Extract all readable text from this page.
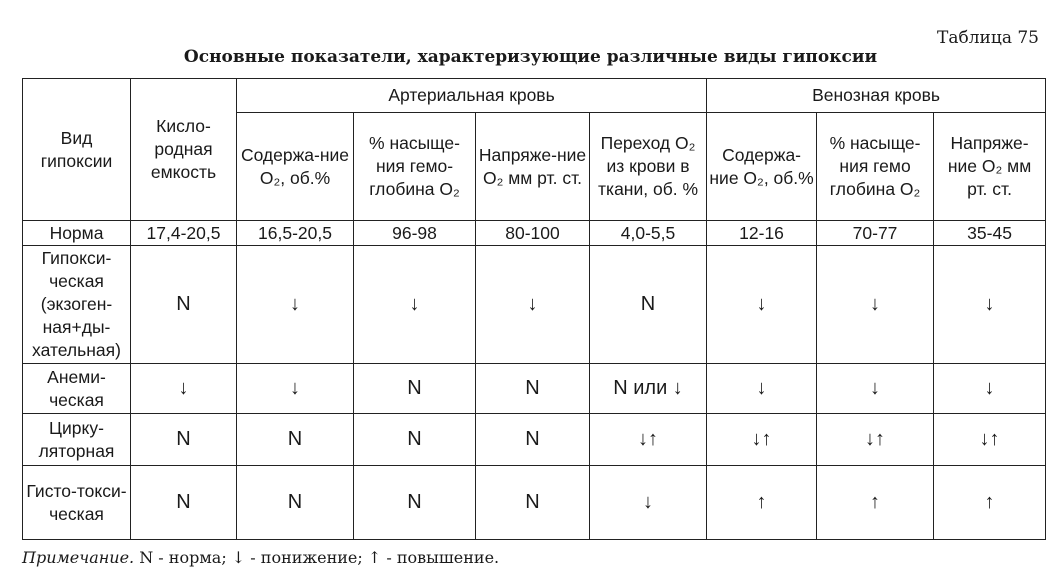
Таблица 75
Основные показатели, характеризующие различные виды гипоксии
Вид гипоксии	Кисло-родная емкость	Артериальная кровь				Венозная кровь		
		Содержа-ние O₂, об.%	% насыще-ния гемо-глобина O₂	Напряже-ние O₂ мм рт. ст.	Переход O₂ из крови в ткани, об. %	Содержа-ние O₂, об.%	% насыще-ния гемо глобина O₂	Напряже-ние O₂ мм рт. ст.
Норма	17,4-20,5	16,5-20,5	96-98	80-100	4,0-5,5	12-16	70-77	35-45
Гипокси-ческая (экзоген-ная+ды-хательная)	N	↓	↓	↓	N	↓	↓	↓
Анеми-ческая	↓	↓	N	N	N или ↓	↓	↓	↓
Цирку-ляторная	N	N	N	N	↓↑	↓↑	↓↑	↓↑
Гисто-токси-ческая	N	N	N	N	↓	↑	↑	↑
Примечание. N - норма; ↓ - понижение; ↑ - повышение.
